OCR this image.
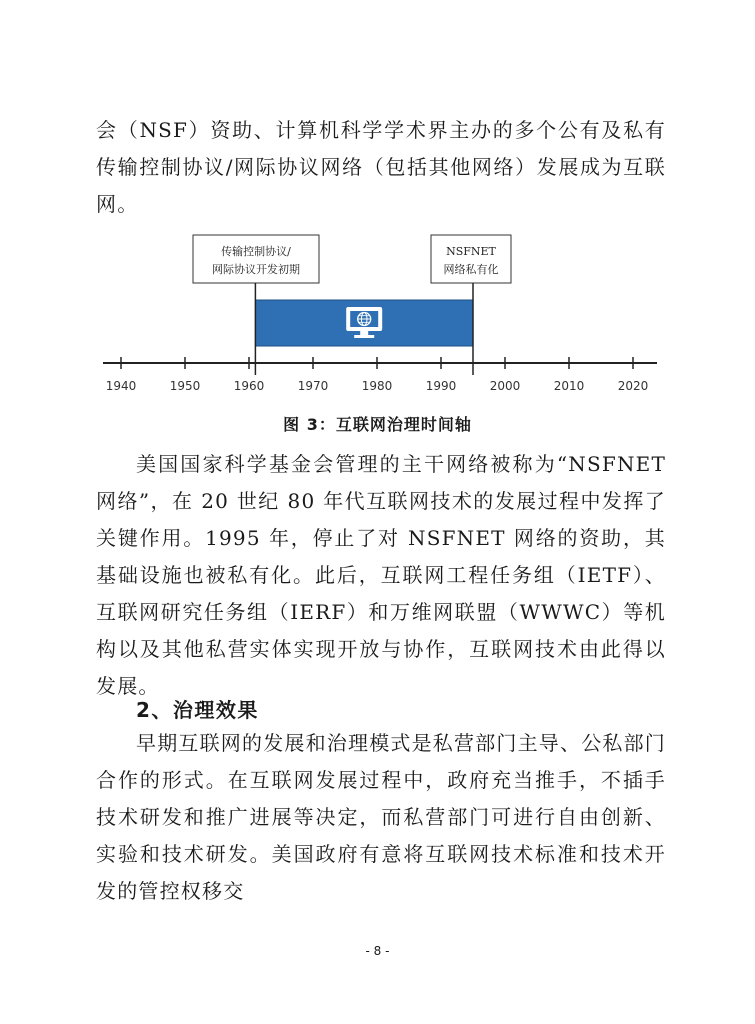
会（NSF）资助、计算机科学学术界主办的多个公有及私有传输控制协议/网际协议网络（包括其他网络）发展成为互联网。

传输控制协议/
网际协议开发初期
NSFNET
网络私有化
1940	1950	1960	1970	1980	1990	2000	2010	2020
图 3：互联网治理时间轴

美国国家科学基金会管理的主干网络被称为“NSFNET 网络”，在 20 世纪 80 年代互联网技术的发展过程中发挥了关键作用。1995 年，停止了对 NSFNET 网络的资助，其基础设施也被私有化。此后，互联网工程任务组（IETF）、互联网研究任务组（IERF）和万维网联盟（WWWC）等机构以及其他私营实体实现开放与协作，互联网技术由此得以发展。

2、治理效果

早期互联网的发展和治理模式是私营部门主导、公私部门合作的形式。在互联网发展过程中，政府充当推手，不插手技术研发和推广进展等决定，而私营部门可进行自由创新、实验和技术研发。美国政府有意将互联网技术标准和技术开发的管控权移交

- 8 -
